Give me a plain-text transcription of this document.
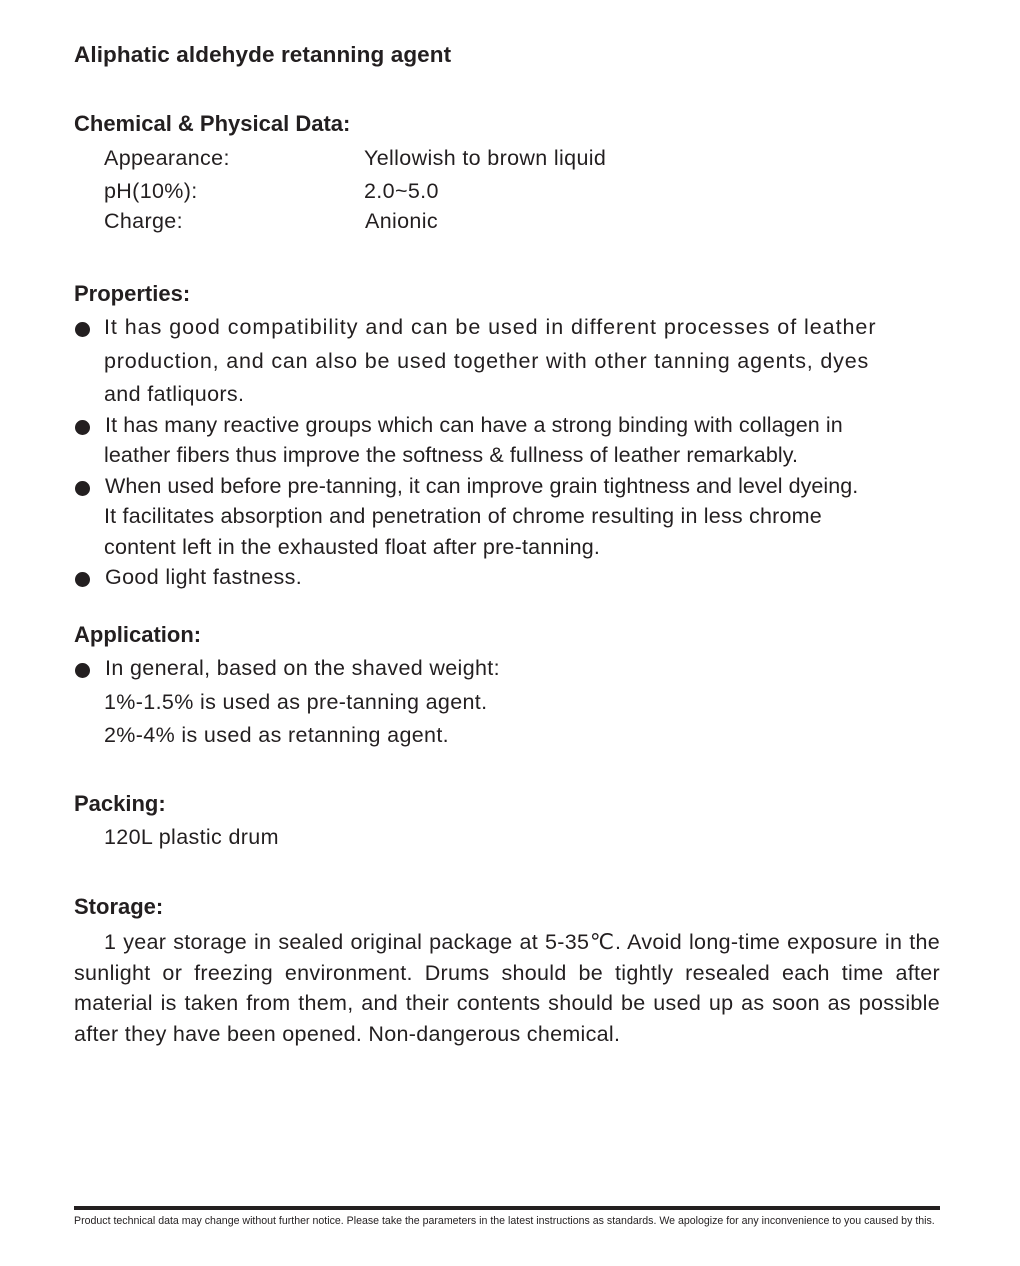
Aliphatic aldehyde retanning agent
Chemical & Physical Data:
Appearance:	Yellowish to brown liquid
pH(10%):	2.0~5.0
Charge:	Anionic
Properties:
It has good compatibility and can be used in different processes of leather
production, and can also be used together with other tanning agents, dyes
and fatliquors.
It has many reactive groups which can have a strong binding with collagen in
leather fibers thus improve the softness & fullness of leather remarkably.
When used before pre-tanning, it can improve grain tightness and level dyeing.
It facilitates absorption and penetration of chrome resulting in less chrome
content left in the exhausted float after pre-tanning.
Good light fastness.
Application:
In general, based on the shaved weight:
1%-1.5% is used as pre-tanning agent.
2%-4% is used as retanning agent.
Packing:
120L plastic drum
Storage:
1 year storage in sealed original package at 5-35℃. Avoid long-time exposure in the sunlight or freezing environment. Drums should be tightly resealed each time after material is taken from them, and their contents should be used up as soon as possible after they have been opened. Non-dangerous chemical.
Product technical data may change without further notice. Please take the parameters in the latest instructions as standards. We apologize for any inconvenience to you caused by this.
